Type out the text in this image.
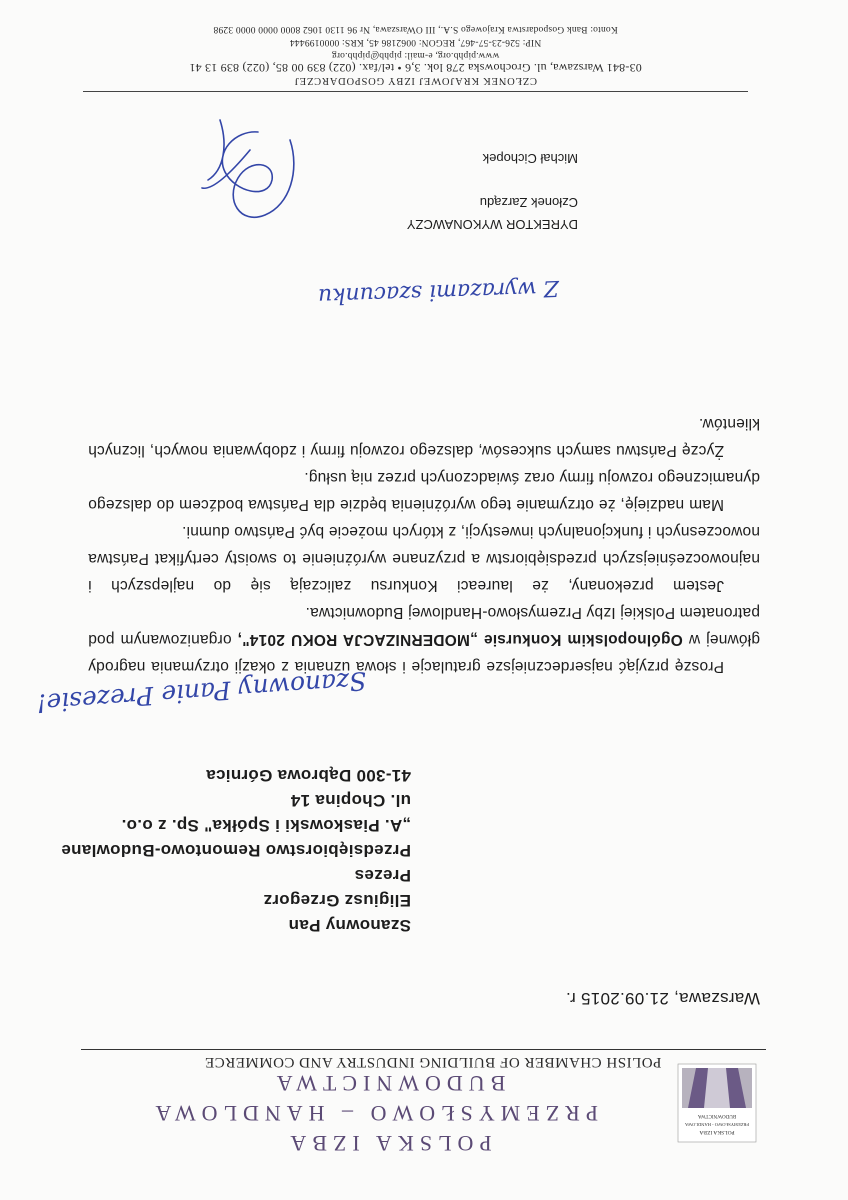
POLSKA IZBA
PRZEMYSŁOWO - HANDLOWA
BUDOWNICTWA
POLSKA IZBA
PRZEMYSŁOWO – HANDLOWA
BUDOWNICTWA
POLISH CHAMBER OF BUILDING INDUSTRY AND COMMERCE
Warszawa, 21.09.2015 r.
Szanowny Pan
Eligiusz Grzegorz
Prezes
Przedsiębiorstwo Remontowo-Budowlane
„A. Piaskowski i Spółka" Sp. z o.o.
ul. Chopina 14
41-300 Dąbrowa Górnica
Szanowny Panie Prezesie!

Proszę przyjąć najserdeczniejsze gratulacje i słowa uznania z okazji otrzymania nagrody głównej w Ogólnopolskim Konkursie „MODERNIZACJA ROKU 2014", organizowanym pod patronatem Polskiej Izby Przemysłowo-Handlowej Budownictwa.

Jestem przekonany, że laureaci Konkursu zaliczają się do najlepszych i najnowocześniejszych przedsiębiorstw a przyznane wyróżnienie to swoisty certyfikat Państwa nowoczesnych i funkcjonalnych inwestycji, z których możecie być Państwo dumni.

Mam nadzieję, że otrzymanie tego wyróżnienia będzie dla Państwa bodźcem do dalszego dynamicznego rozwoju firmy oraz świadczonych przez nią usług.

Życzę Państwu samych sukcesów, dalszego rozwoju firmy i zdobywania nowych, licznych klientów.

Z wyrazami szacunku
DYREKTOR WYKONAWCZY
Członek Zarządu
Michał Cichopek
CZŁONEK KRAJOWEJ IZBY GOSPODARCZEJ
03-841 Warszawa, ul. Grochowska 278 lok. 3,6 • tel/fax. (022) 839 00 85, (022) 839 13 41
www.piphb.org, e-mail: piphb@piphb.org
NIP: 526-23-57-467, REGON: 0062186 45, KRS: 0000199444
Konto: Bank Gospodarstwa Krajowego S.A., III OWarszawa, Nr 96 1130 1062 8000 0000 0000 3298
